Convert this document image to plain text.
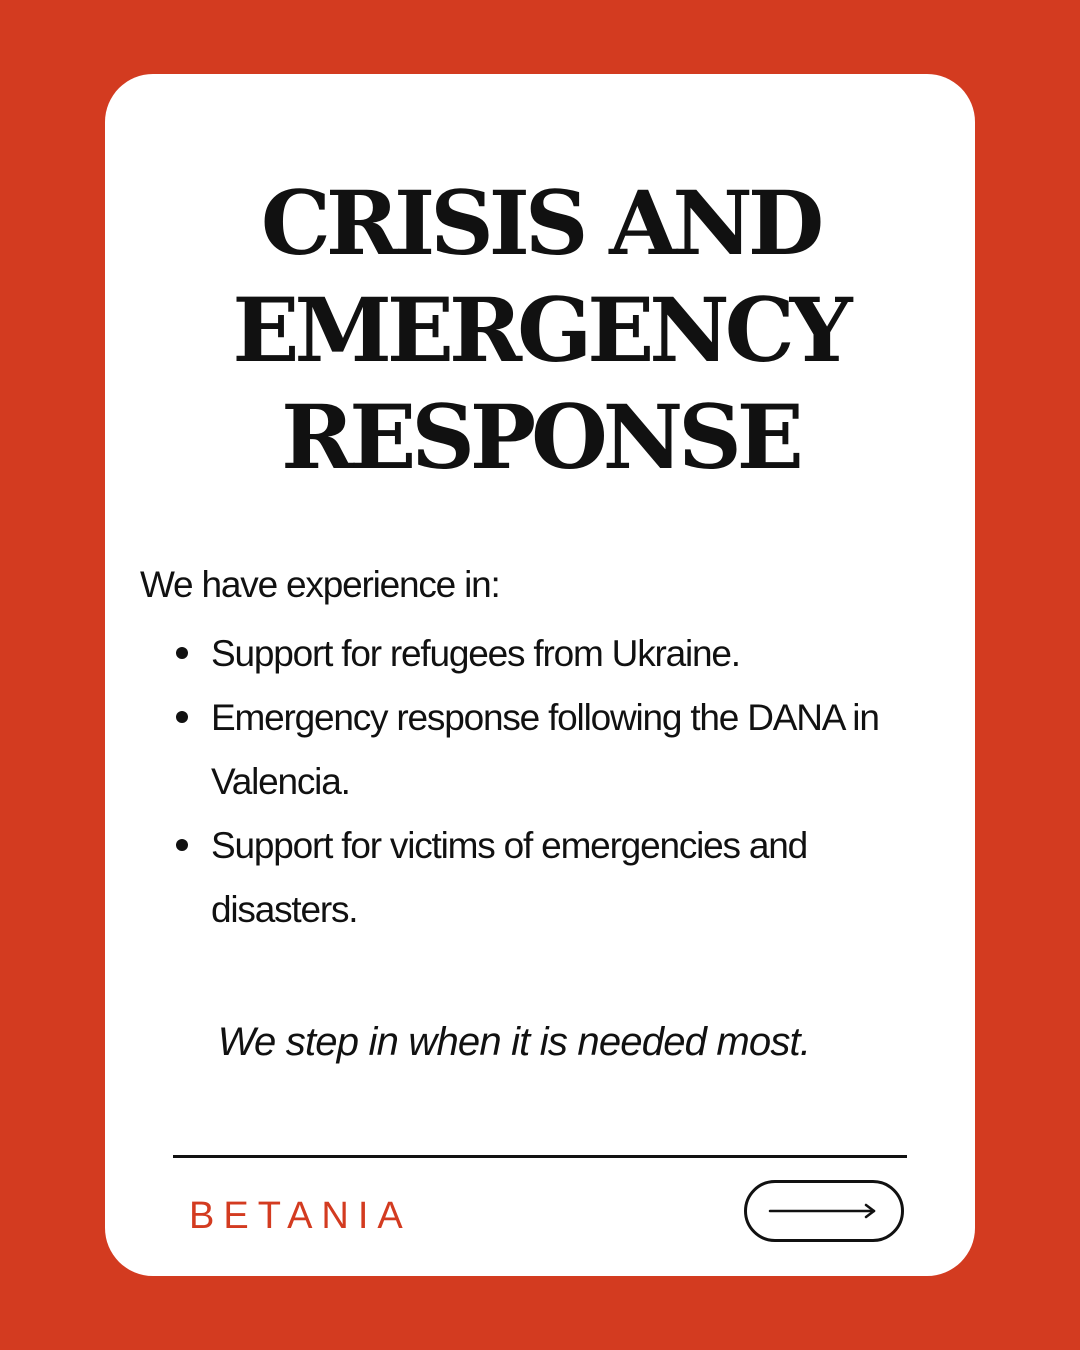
CRISIS AND
EMERGENCY
RESPONSE

We have experience in:

Support for refugees from Ukraine.
Emergency response following the DANA in Valencia.
Support for victims of emergencies and disasters.

We step in when it is needed most.

BETANIA
